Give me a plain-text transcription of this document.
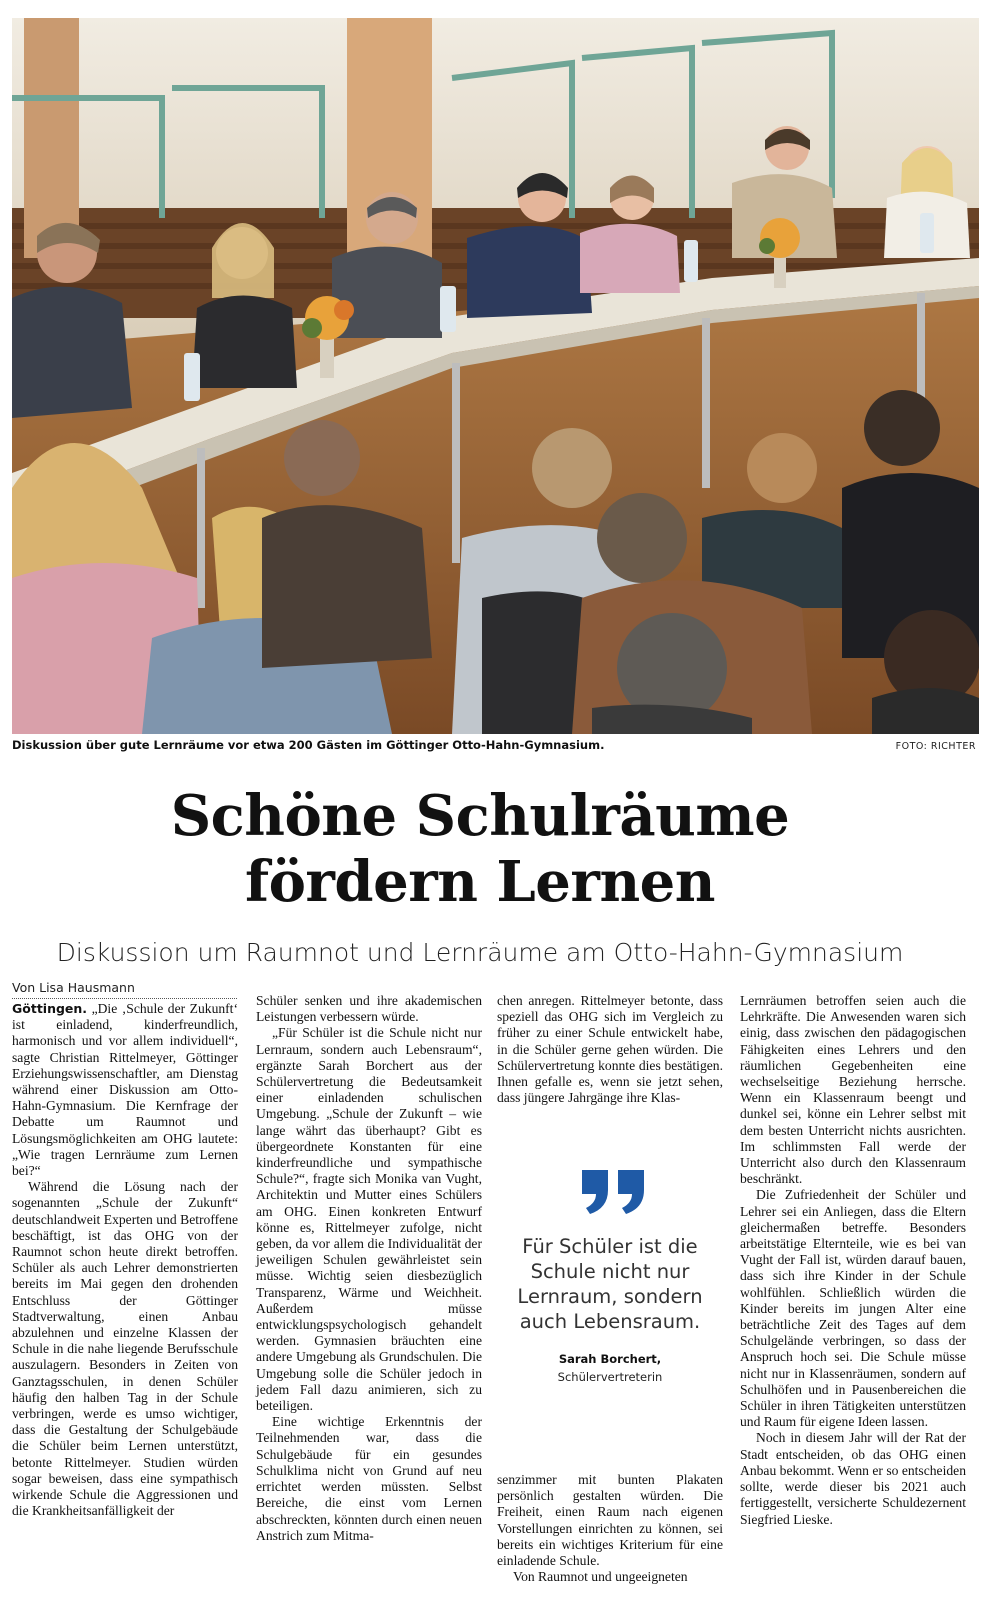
Diskussion über gute Lernräume vor etwa 200 Gästen im Göttinger Otto-Hahn-Gymnasium.	FOTO: RICHTER
Schöne Schulräume
fördern Lernen
Diskussion um Raumnot und Lernräume am Otto-Hahn-Gymnasium
Von Lisa Hausmann

Göttingen. „Die ‚Schule der Zukunft‘ ist einladend, kinderfreundlich, harmonisch und vor allem individuell“, sagte Christian Rittelmeyer, Göttinger Erziehungswissenschaftler, am Dienstag während einer Diskussion am Otto-Hahn-Gymnasium. Die Kernfrage der Debatte um Raumnot und Lösungsmöglichkeiten am OHG lautete: „Wie tragen Lernräume zum Lernen bei?“

Während die Lösung nach der sogenannten „Schule der Zukunft“ deutschlandweit Experten und Betroffene beschäftigt, ist das OHG von der Raumnot schon heute direkt betroffen. Schüler als auch Lehrer demonstrierten bereits im Mai gegen den drohenden Entschluss der Göttinger Stadtverwaltung, einen Anbau abzulehnen und einzelne Klassen der Schule in die nahe liegende Berufsschule auszulagern. Besonders in Zeiten von Ganztagsschulen, in denen Schüler häufig den halben Tag in der Schule verbringen, werde es umso wichtiger, dass die Gestaltung der Schulgebäude die Schüler beim Lernen unterstützt, betonte Rittelmeyer. Studien würden sogar beweisen, dass eine sympathisch wirkende Schule die Aggressionen und die Krankheitsanfälligkeit der

Schüler senken und ihre akademischen Leistungen verbessern würde.

„Für Schüler ist die Schule nicht nur Lernraum, sondern auch Lebensraum“, ergänzte Sarah Borchert aus der Schülervertretung die Bedeutsamkeit einer einladenden schulischen Umgebung. „Schule der Zukunft – wie lange währt das überhaupt? Gibt es übergeordnete Konstanten für eine kinderfreundliche und sympathische Schule?“, fragte sich Monika van Vught, Architektin und Mutter eines Schülers am OHG. Einen konkreten Entwurf könne es, Rittelmeyer zufolge, nicht geben, da vor allem die Individualität der jeweiligen Schulen gewährleistet sein müsse. Wichtig seien diesbezüglich Transparenz, Wärme und Weichheit. Außerdem müsse entwicklungspsychologisch gehandelt werden. Gymnasien bräuchten eine andere Umgebung als Grundschulen. Die Umgebung solle die Schüler jedoch in jedem Fall dazu animieren, sich zu beteiligen.

Eine wichtige Erkenntnis der Teilnehmenden war, dass die Schulgebäude für ein gesundes Schulklima nicht von Grund auf neu errichtet werden müssten. Selbst Bereiche, die einst vom Lernen abschreckten, könnten durch einen neuen Anstrich zum Mitma-

chen anregen. Rittelmeyer betonte, dass speziell das OHG sich im Vergleich zu früher zu einer Schule entwickelt habe, in die Schüler gerne gehen würden. Die Schülervertretung konnte dies bestätigen. Ihnen gefalle es, wenn sie jetzt sehen, dass jüngere Jahrgänge ihre Klas-

Für Schüler ist die Schule nicht nur Lernraum, sondern auch Lebensraum.
Sarah Borchert,
Schülervertreterin

senzimmer mit bunten Plakaten persönlich gestalten würden. Die Freiheit, einen Raum nach eigenen Vorstellungen einrichten zu können, sei bereits ein wichtiges Kriterium für eine einladende Schule.

Von Raumnot und ungeeigneten

Lernräumen betroffen seien auch die Lehrkräfte. Die Anwesenden waren sich einig, dass zwischen den pädagogischen Fähigkeiten eines Lehrers und den räumlichen Gegebenheiten eine wechselseitige Beziehung herrsche. Wenn ein Klassenraum beengt und dunkel sei, könne ein Lehrer selbst mit dem besten Unterricht nichts ausrichten. Im schlimmsten Fall werde der Unterricht also durch den Klassenraum beschränkt.

Die Zufriedenheit der Schüler und Lehrer sei ein Anliegen, dass die Eltern gleichermaßen betreffe. Besonders arbeitstätige Elternteile, wie es bei van Vught der Fall ist, würden darauf bauen, dass sich ihre Kinder in der Schule wohlfühlen. Schließlich würden die Kinder bereits im jungen Alter eine beträchtliche Zeit des Tages auf dem Schulgelände verbringen, so dass der Anspruch hoch sei. Die Schule müsse nicht nur in Klassenräumen, sondern auf Schulhöfen und in Pausenbereichen die Schüler in ihren Tätigkeiten unterstützen und Raum für eigene Ideen lassen.

Noch in diesem Jahr will der Rat der Stadt entscheiden, ob das OHG einen Anbau bekommt. Wenn er so entscheiden sollte, werde dieser bis 2021 auch fertiggestellt, versicherte Schuldezernent Siegfried Lieske.
